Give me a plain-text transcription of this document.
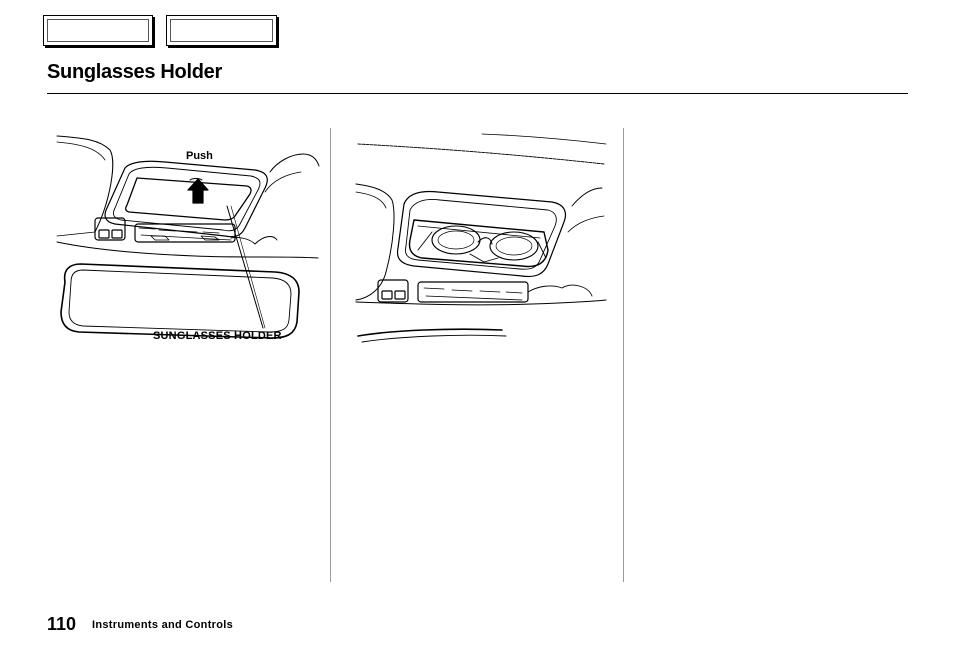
Sunglasses Holder
Push
SUNGLASSES HOLDER
110 Instruments and Controls
